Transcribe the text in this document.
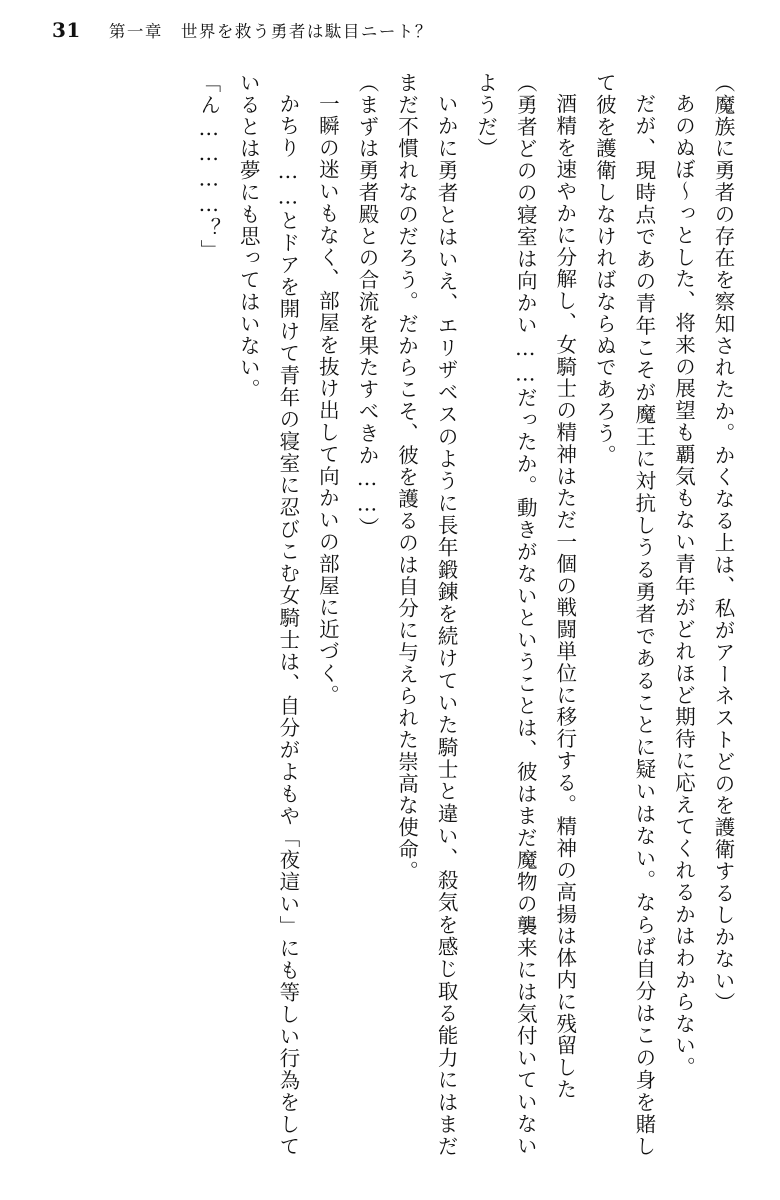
31 第一章　世界を救う勇者は駄目ニート？

（魔族に勇者の存在を察知されたか。かくなる上は、私がアーネストどのを護衛するしかない）

あのぬぼ～っとした、将来の展望も覇気もない青年がどれほど期待に応えてくれるかはわからない。

だが、現時点であの青年こそが魔王に対抗しうる勇者であることに疑いはない。ならば自分はこの身を賭して彼を護衛しなければならぬであろう。

酒精を速やかに分解し、女騎士の精神はただ一個の戦闘単位に移行する。精神の高揚は体内に残留した

（勇者どのの寝室は向かい……だったか。動きがないということは、彼はまだ魔物の襲来には気付いていないようだ）

いかに勇者とはいえ、エリザベスのように長年鍛錬を続けていた騎士と違い、殺気を感じ取る能力にはまだまだ不慣れなのだろう。だからこそ、彼を護るのは自分に与えられた崇高な使命。

（まずは勇者殿との合流を果たすべきか……）

一瞬の迷いもなく、部屋を抜け出して向かいの部屋に近づく。

かちり……とドアを開けて青年の寝室に忍びこむ女騎士は、自分がよもや「夜這い」にも等しい行為をしているとは夢にも思ってはいない。

「ん…………？」
